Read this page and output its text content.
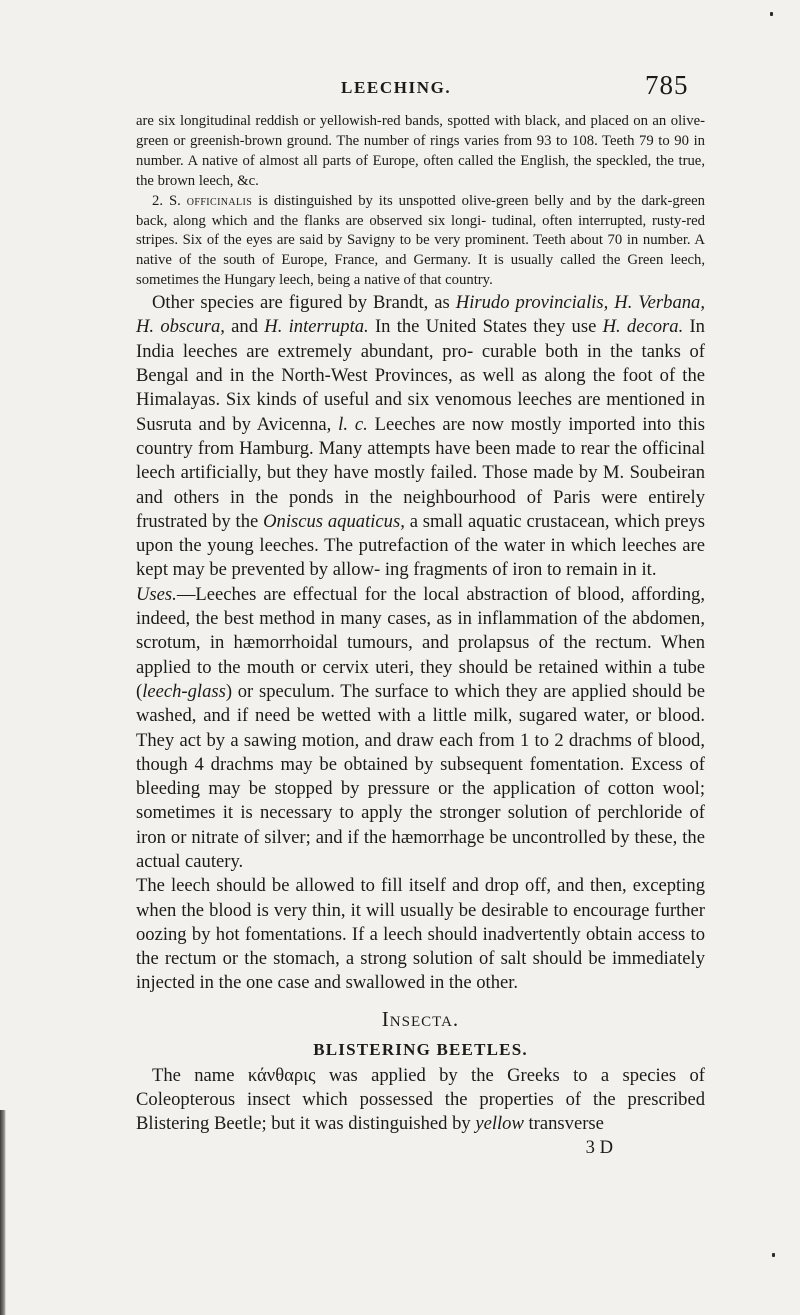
LEECHING.	785

are six longitudinal reddish or yellowish-red bands, spotted with black, and placed on an olive-green or greenish-brown ground. The number of rings varies from 93 to 108. Teeth 79 to 90 in number. A native of almost all parts of Europe, often called the English, the speckled, the true, the brown leech, &c.

2. S. officinalis is distinguished by its unspotted olive-green belly and by the dark-green back, along which and the flanks are observed six longi- tudinal, often interrupted, rusty-red stripes. Six of the eyes are said by Savigny to be very prominent. Teeth about 70 in number. A native of the south of Europe, France, and Germany. It is usually called the Green leech, sometimes the Hungary leech, being a native of that country.

Other species are figured by Brandt, as Hirudo provincialis, H. Verbana, H. obscura, and H. interrupta. In the United States they use H. decora. In India leeches are extremely abundant, pro- curable both in the tanks of Bengal and in the North-West Provinces, as well as along the foot of the Himalayas. Six kinds of useful and six venomous leeches are mentioned in Susruta and by Avicenna, l. c. Leeches are now mostly imported into this country from Hamburg. Many attempts have been made to rear the officinal leech artificially, but they have mostly failed. Those made by M. Soubeiran and others in the ponds in the neighbourhood of Paris were entirely frustrated by the Oniscus aquaticus, a small aquatic crustacean, which preys upon the young leeches. The putrefaction of the water in which leeches are kept may be prevented by allow- ing fragments of iron to remain in it.

Uses.—Leeches are effectual for the local abstraction of blood, affording, indeed, the best method in many cases, as in inflammation of the abdomen, scrotum, in hæmorrhoidal tumours, and prolapsus of the rectum. When applied to the mouth or cervix uteri, they should be retained within a tube (leech-glass) or speculum. The surface to which they are applied should be washed, and if need be wetted with a little milk, sugared water, or blood. They act by a sawing motion, and draw each from 1 to 2 drachms of blood, though 4 drachms may be obtained by subsequent fomentation. Excess of bleeding may be stopped by pressure or the application of cotton wool; sometimes it is necessary to apply the stronger solution of perchloride of iron or nitrate of silver; and if the hæmorrhage be uncontrolled by these, the actual cautery.

The leech should be allowed to fill itself and drop off, and then, excepting when the blood is very thin, it will usually be desirable to encourage further oozing by hot fomentations. If a leech should inadvertently obtain access to the rectum or the stomach, a strong solution of salt should be immediately injected in the one case and swallowed in the other.

Insecta.
BLISTERING BEETLES.

The name κάνθαρις was applied by the Greeks to a species of Coleopterous insect which possessed the properties of the prescribed Blistering Beetle; but it was distinguished by yellow transverse

3 D
